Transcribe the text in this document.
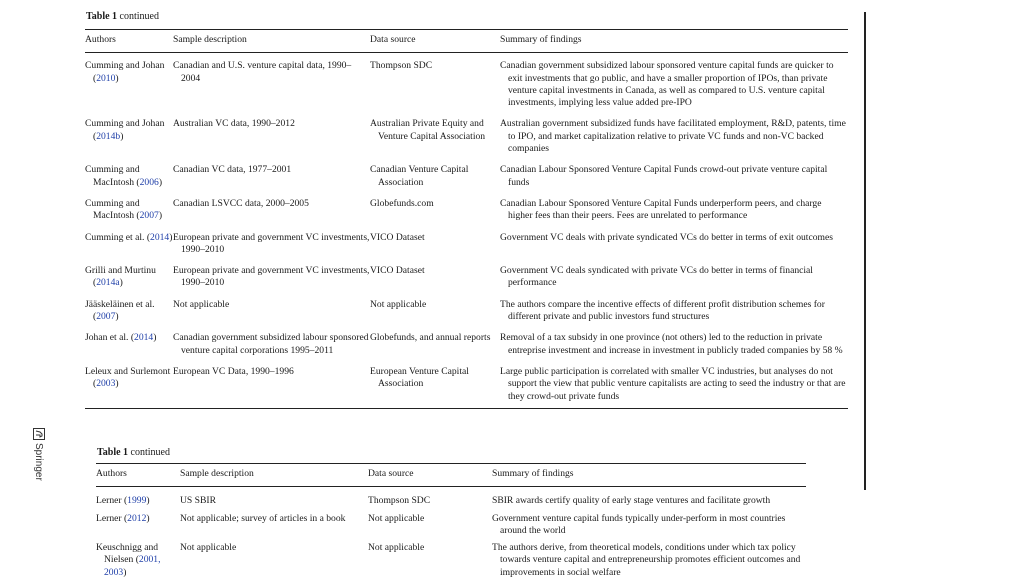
Table 1 continued
Authors	Sample description	Data source	Summary of findings
Cumming and Johan (2010)	Canadian and U.S. venture capital data, 1990–2004	Thompson SDC	Canadian government subsidized labour sponsored venture capital funds are quicker to exit investments that go public, and have a smaller proportion of IPOs, than private venture capital investments in Canada, as well as compared to U.S. venture capital investments, implying less value added pre-IPO
Cumming and Johan (2014b)	Australian VC data, 1990–2012	Australian Private Equity and Venture Capital Association	Australian government subsidized funds have facilitated employment, R&D, patents, time to IPO, and market capitalization relative to private VC funds and non-VC backed companies
Cumming and MacIntosh (2006)	Canadian VC data, 1977–2001	Canadian Venture Capital Association	Canadian Labour Sponsored Venture Capital Funds crowd-out private venture capital funds
Cumming and MacIntosh (2007)	Canadian LSVCC data, 2000–2005	Globefunds.com	Canadian Labour Sponsored Venture Capital Funds underperform peers, and charge higher fees than their peers. Fees are unrelated to performance
Cumming et al. (2014)	European private and government VC investments, 1990–2010	VICO Dataset	Government VC deals with private syndicated VCs do better in terms of exit outcomes
Grilli and Murtinu (2014a)	European private and government VC investments, 1990–2010	VICO Dataset	Government VC deals syndicated with private VCs do better in terms of financial performance
Jääskeläinen et al. (2007)	Not applicable	Not applicable	The authors compare the incentive effects of different profit distribution schemes for different private and public investors fund structures
Johan et al. (2014)	Canadian government subsidized labour sponsored venture capital corporations 1995–2011	Globefunds, and annual reports	Removal of a tax subsidy in one province (not others) led to the reduction in private entreprise investment and increase in investment in publicly traded companies by 58 %
Leleux and Surlemont (2003)	European VC Data, 1990–1996	European Venture Capital Association	Large public participation is correlated with smaller VC industries, but analyses do not support the view that public venture capitalists are acting to seed the industry or that are they crowd-out private funds
Springer	Table 1 continued
Authors	Sample description	Data source	Summary of findings
Lerner (1999)	US SBIR	Thompson SDC	SBIR awards certify quality of early stage ventures and facilitate growth
Lerner (2012)	Not applicable; survey of articles in a book	Not applicable	Government venture capital funds typically under-perform in most countries around the world
Keuschnigg and Nielsen (2001, 2003)	Not applicable	Not applicable	The authors derive, from theoretical models, conditions under which tax policy towards venture capital and entrepreneurship promotes efficient outcomes and improvements in social welfare
